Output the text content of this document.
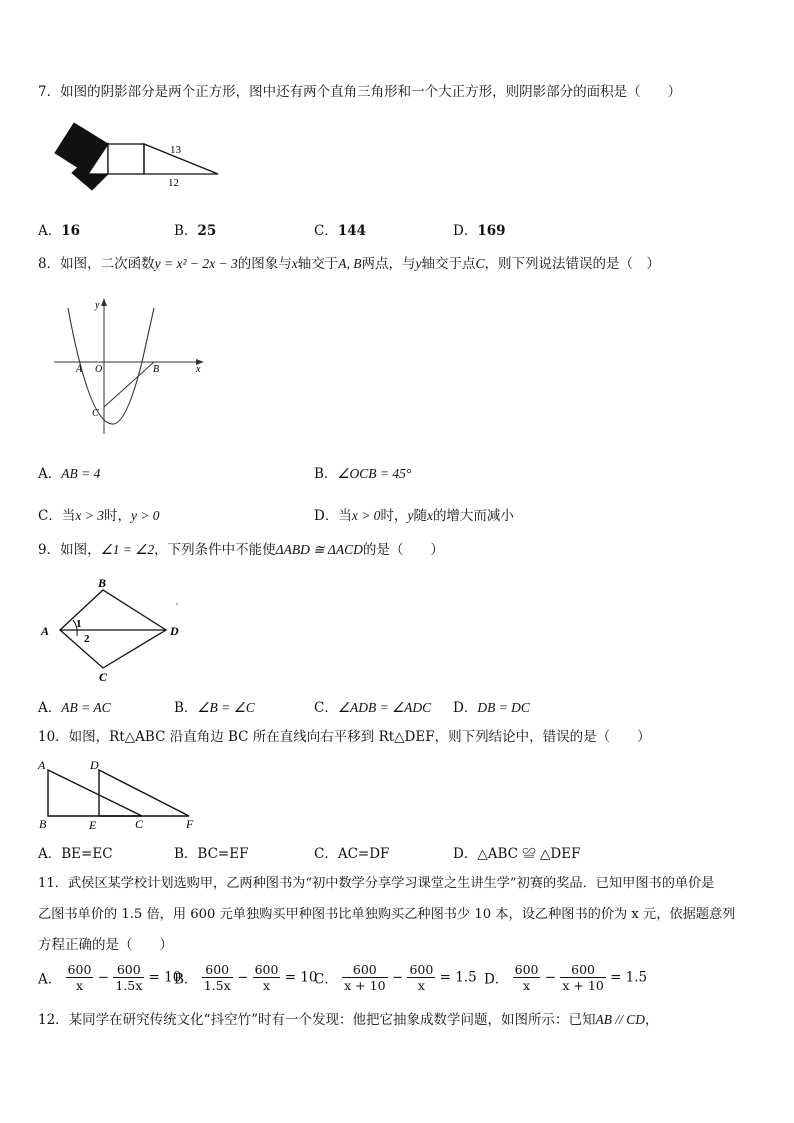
7．如图的阴影部分是两个正方形，图中还有两个直角三角形和一个大正方形，则阴影部分的面积是（　　）
13
12
A．16	B．25	C．144	D．169
8．如图，二次函数y = x² − 2x − 3的图象与x轴交于A, B两点，与y轴交于点C，则下列说法错误的是（　）
y
x
A O	B
C
A．AB = 4	B．∠OCB = 45°
C．当x > 3时，y > 0	D．当x > 0时，y随x的增大而减小
9．如图，∠1 = ∠2，下列条件中不能使ΔABD ≅ ΔACD的是（　　）
A
B
C
D
1
2
A．AB = AC	B．∠B = ∠C	C．∠ADB = ∠ADC D．DB = DC
10．如图，Rt△ABC 沿直角边 BC 所在直线向右平移到 Rt△DEF，则下列结论中，错误的是（　　）
A	D
B	E	C	F
A．BE=EC	B．BC=EF	C．AC=DF	D．△ABC ≌ △DEF
11．武侯区某学校计划选购甲，乙两种图书为“初中数学分享学习课堂之生讲生学”初赛的奖品．已知甲图书的单价是
乙图书单价的 1.5 倍，用 600 元单独购买甲种图书比单独购买乙种图书少 10 本，设乙种图书的价为 x 元，依据题意列
方程正确的是（　　）
A． $\frac{600}{x} - \frac{600}{1.5x} = 10$
B． $\frac{600}{1.5x} - \frac{600}{x} = 10$
C． $\frac{600}{x + 10} - \frac{600}{x} = 1.5$ D． $\frac{600}{x} - \frac{600}{x + 10} = 1.5$
12．某同学在研究传统文化“抖空竹”时有一个发现：他把它抽象成数学问题，如图所示：已知AB // CD，
